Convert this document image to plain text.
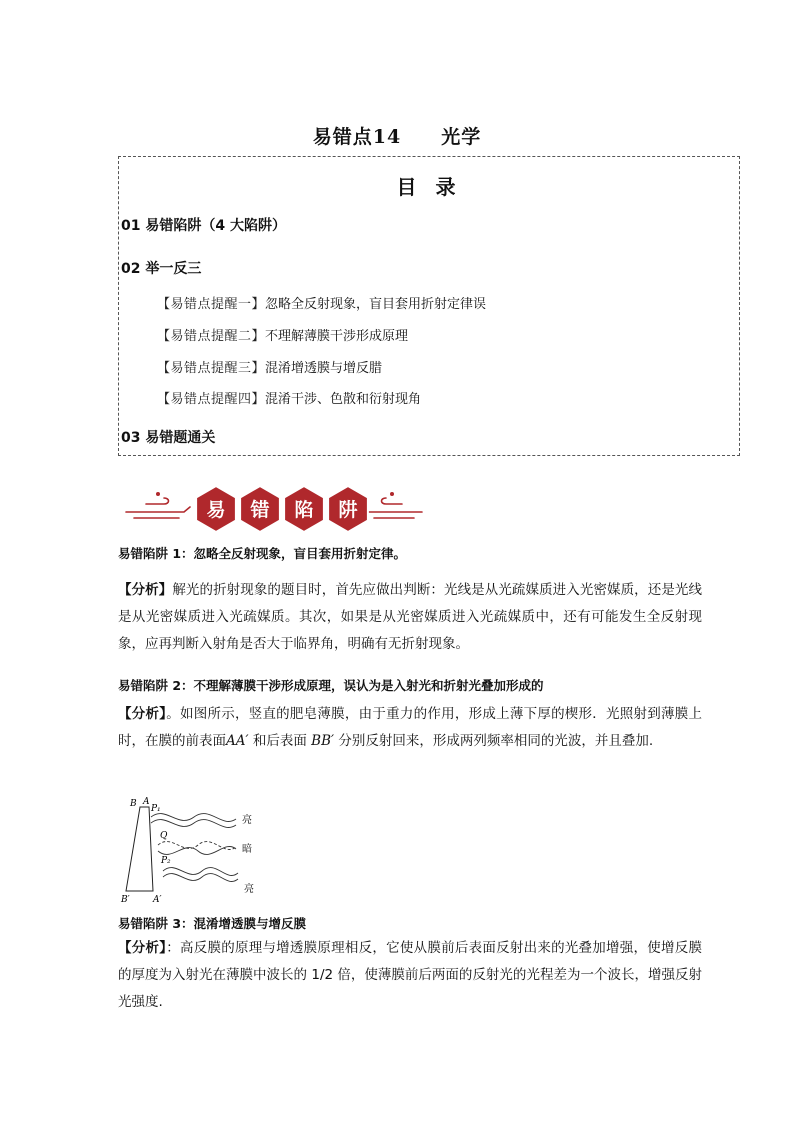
易错点14 光学
目 录
01 易错陷阱（4 大陷阱）
02 举一反三
【易错点提醒一】忽略全反射现象，盲目套用折射定律误
【易错点提醒二】不理解薄膜干涉形成原理
【易错点提醒三】混淆增透膜与增反腊
【易错点提醒四】混淆干涉、色散和衍射现角
03 易错题通关
易 错 陷 阱
易错陷阱 1：忽略全反射现象，盲目套用折射定律。
【分析】解光的折射现象的题目时，首先应做出判断：光线是从光疏媒质进入光密媒质，还是光线是从光密媒质进入光疏媒质。其次，如果是从光密媒质进入光疏媒质中，还有可能发生全反射现象，应再判断入射角是否大于临界角，明确有无折射现象。
易错陷阱 2：不理解薄膜干涉形成原理，误认为是入射光和折射光叠加形成的
【分析】。如图所示，竖直的肥皂薄膜，由于重力的作用，形成上薄下厚的楔形．光照射到薄膜上时，在膜的前表面AA′ 和后表面 BB′ 分别反射回来，形成两列频率相同的光波，并且叠加.
B A
B′	A′
P₁
Q
P₂
亮
暗
亮
易错陷阱 3：混淆增透膜与增反膜
【分析】：高反膜的原理与增透膜原理相反，它使从膜前后表面反射出来的光叠加增强，使增反膜的厚度为入射光在薄膜中波长的 1/2 倍，使薄膜前后两面的反射光的光程差为一个波长，增强反射光强度.
